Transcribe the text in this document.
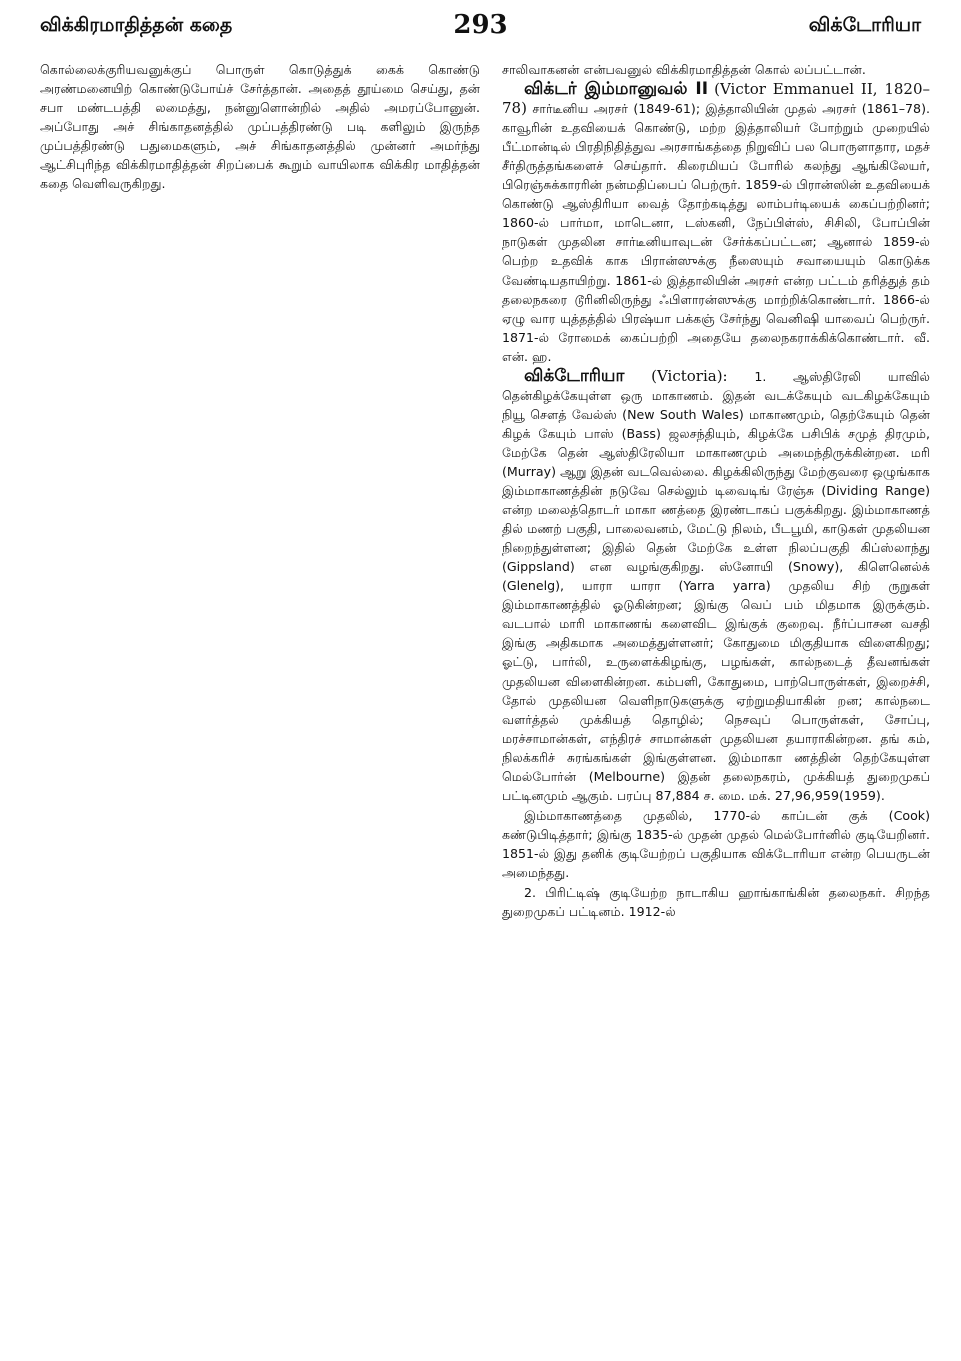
விக்கிரமாதித்தன் கதை	293	விக்டோரியா

கொல்லைக்குரியவனுக்குப் பொருள் கொடுத்துக் கைக் கொண்டு அரண்மனையிற் கொண்டுபோய்ச் சேர்த்தான். அதைத் தூய்மை செய்து, தன் சபா மண்டபத்தி லமைத்து, நன்னுளொன்றில் அதில் அமரப்போனுன். அப்போது அச் சிங்காதனத்தில் முப்பத்திரண்டு படி களிலும் இருந்த முப்பத்திரண்டு பதுமைகளும், அச் சிங்காதனத்தில் முன்னர் அமர்ந்து ஆட்சிபுரிந்த விக்கிரமாதித்தன் சிறப்பைக் கூறும் வாயிலாக விக்கிர மாதித்தன் கதை வெளிவருகிறது.

சாலிவாகனன் என்பவனுல் விக்கிரமாதித்தன் கொல் லப்பட்டான்.

விக்டர் இம்மானுவல் II (Victor Emmanuel II, 1820–78) சார்டீனிய அரசர் (1849-61); இத்தாலியின் முதல் அரசர் (1861–78). காவூரின் உதவியைக் கொண்டு, மற்ற இத்தாலியர் போற்றும் முறையில் பீட்மான்டில் பிரதிநிதித்துவ அரசாங்கத்தை நிறுவிப் பல பொருளாதார, மதச் சீர்திருத்தங்களைச் செய்தார். கிரைமியப் போரில் கலந்து ஆங்கிலேயர், பிரெஞ்சுக்காரரின் நன்மதிப்பைப் பெற்ருர். 1859-ல் பிரான்ஸின் உதவியைக் கொண்டு ஆஸ்திரியா வைத் தோற்கடித்து லாம்பர்டியைக் கைப்பற்றினர்; 1860-ல் பார்மா, மாடெனா, டஸ்கனி, நேப்பிள்ஸ், சிசிலி, போப்பின் நாடுகள் முதலின சார்டீனியாவுடன் சேர்க்கப்பட்டன; ஆனால் 1859-ல் பெற்ற உதவிக் காக பிரான்ஸுக்கு நீஸையும் சவாயையும் கொடுக்க வேண்டியதாயிற்று. 1861-ல் இத்தாலியின் அரசர் என்ற பட்டம் தரித்துத் தம் தலைநகரை டூரினிலிருந்து ஃபிளாரன்ஸுக்கு மாற்றிக்கொண்டார். 1866-ல் ஏழு வார யுத்தத்தில் பிரஷ்யா பக்கஞ் சேர்ந்து வெனிஷி யாவைப் பெற்ருர். 1871-ல் ரோமைக் கைப்பற்றி அதையே தலைநகராக்கிக்கொண்டார். வீ. என். ஹ.

விக்டோரியா (Victoria): 1. ஆஸ்திரேலி யாவில் தென்கிழக்கேயுள்ள ஒரு மாகாணம். இதன் வடக்கேயும் வடகிழக்கேயும் நியூ சௌத் வேல்ஸ் (New South Wales) மாகாணமும், தெற்கேயும் தென் கிழக் கேயும் பாஸ் (Bass) ஜலசந்தியும், கிழக்கே பசிபிக் சமுத் திரமும், மேற்கே தென் ஆஸ்திரேலியா மாகாணமும் அமைந்திருக்கின்றன. மரி (Murray) ஆறு இதன் வடவெல்லை. கிழக்கிலிருந்து மேற்குவரை ஒழுங்காக இம்மாகாணத்தின் நடுவே செல்லும் டிவைடிங் ரேஞ்சு (Dividing Range) என்ற மலைத்தொடர் மாகா ணத்தை இரண்டாகப் பகுக்கிறது. இம்மாகாணத் தில் மணற் பகுதி, பாலைவனம், மேட்டு நிலம், பீடபூமி, காடுகள் முதலியன நிறைந்துள்ளன; இதில் தென் மேற்கே உள்ள நிலப்பகுதி கிப்ஸ்லாந்து (Gippsland) என வழங்குகிறது. ஸ்னோயி (Snowy), கிளெனெல்க் (Glenelg), யாரா யாரா (Yarra yarra) முதலிய சிற் ருறுகள் இம்மாகாணத்தில் ஓடுகின்றன; இங்கு வெப் பம் மிதமாக இருக்கும். வடபால் மாரி மாகாணங் களைவிட இங்குக் குறைவு. நீர்ப்பாசன வசதி இங்கு அதிகமாக அமைத்துள்ளனர்; கோதுமை மிகுதியாக விளைகிறது; ஓட்டு, பார்லி, உருளைக்கிழங்கு, பழங்கள், கால்நடைத் தீவனங்கள் முதலியன விளைகின்றன. கம்பளி, கோதுமை, பாற்பொருள்கள், இறைச்சி, தோல் முதலியன வெளிநாடுகளுக்கு ஏற்றுமதியாகின் றன; கால்நடை வளர்த்தல் முக்கியத் தொழில்; நெசவுப் பொருள்கள், சோப்பு, மரச்சாமான்கள், எந்திரச் சாமான்கள் முதலியன தயாராகின்றன. தங் கம், நிலக்கரிச் சுரங்கங்கள் இங்குள்ளன. இம்மாகா ணத்தின் தெற்கேயுள்ள மெல்போர்ன் (Melbourne) இதன் தலைநகரம், முக்கியத் துறைமுகப் பட்டினமும் ஆகும். பரப்பு 87,884 ச. மை. மக். 27,96,959(1959).

இம்மாகாணத்தை முதலில், 1770-ல் காப்டன் குக் (Cook) கண்டுபிடித்தார்; இங்கு 1835-ல் முதன் முதல் மெல்போர்னில் குடியேறினர். 1851-ல் இது தனிக் குடியேற்றப் பகுதியாக விக்டோரியா என்ற பெயருடன் அமைந்தது.

2. பிரிட்டிஷ் குடியேற்ற நாடாகிய ஹாங்காங்கின் தலைநகர். சிறந்த துறைமுகப் பட்டினம். 1912-ல்
